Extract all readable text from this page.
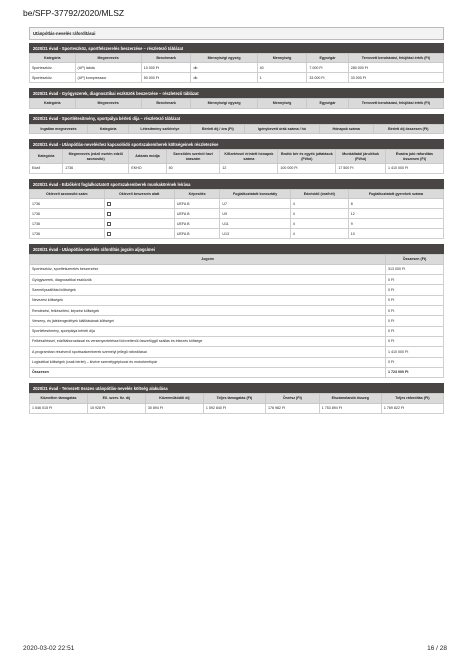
be/SFP-37792/2020/MLSZ
Utánpótlás-nevelés ráfordításai
2020/21 évad - Sporteszköz, sportfelszerelés beszerzése – részletező táblázat
Kategória	Megnevezés	Benchmark	Mennyiségi egység	Mennyiség	Egységár	Tervezett beruházási, felújítási érték (Ft)
Sporteszköz	(UP) labda	10 000 Ft	db	40	7 000 Ft	280 000 Ft
Sporteszköz	(UP) kompresszor	50 000 Ft	db	1	33 000 Ft	33 000 Ft
2020/21 évad - Gyógyszerek, diagnosztikai eszközök beszerzése – részletező táblázat
Kategória	Megnevezés	Benchmark	Mennyiségi egység	Mennyiség	Egységár	Tervezett beruházási, felújítási érték (Ft)
2020/21 évad - Sportlétesítmény, sportpálya bérleti díja – részletező táblázat
Ingatlan megnevezés	Kategória	Létesítmény székhelye	Bérleti díj / óra (Ft)	Igénybevett órák száma / hó	Hónapok száma	Bérleti díj összesen (Ft)
2020/21 évad - Utánpótlás-neveléshez kapcsolódó sportszakemberek költségeinek részletezése
Kategória	Megnevezés (edző esetén edzői azonosító)	Adózás módja	Szerződés szerinti havi óraszám	Kifizetéssel érintett hónapok száma	Bruttó bér és egyéb juttatások (Ft/hó)	Munkáltatói járulékok (Ft/hó)	Évadra jutó ráfordítás összesen (Ft)
Edző	1736	EKHO	50	12	100 000 Ft	17 500 Ft	1 410 000 Ft
2020/21 évad - Edzőként foglalkoztatott sportszakemberek munkakörének leírása
Okleveli azonosító szám	Okleveli beszerzés alatt	Képesítés	Foglalkoztatott korosztály	Edzésidő (óra/hét)	Foglalkoztatott gyerekek száma
1736		UEFA B	U7	4	8
1736		UEFA B	U9	4	12
1736		UEFA B	U11	4	9
1736		UEFA B	U13	4	10
2020/21 évad - Utánpótlás-nevelés ráfordítás jogcím aljogcímei
Jogcím	Összesen (Ft)
Sporteszköz, sportfelszerelés beszerzése	313 000 Ft
Gyógyszerek, diagnosztikai eszközök	0 Ft
Személyszállítási költségek	0 Ft
Nevezési költségek	0 Ft
Rendezési, felkészítési, képzési költségek	0 Ft
Verseny- és játékengedélyek kiállításának költségei	0 Ft
Sportlétesítmény, sportpálya bérleti díja	0 Ft
Felkészítéssel, edzőtáborozással és versenyeztetéssel kövvetlenül összefüggő szállás és étkezés költsége	0 Ft
A programban résztvevő sportszakemberek személyi jellegű ráfordításai	1 410 000 Ft
Logisztikai költségek (csak bérlet) – kivéve személygépkocsi és motorkerékpár	0 Ft
Összesen	1 723 000 Ft
2020/21 évad - Tervezett összes utánpótlás-nevelés költség alakulása
Közvetlen támogatás	Ell. szerv. fiz. díj	Közreműködői díj	Teljes támogatás (Ft)	Önrész (Ft)	Elszámolandó összeg	Teljes ráfordítás (Ft)
1 546 015 Ft	15 928 Ft	30 894 Ft	1 592 840 Ft	176 982 Ft	1 753 894 Ft	1 769 822 Ft
2020-03-02 22:51	16 / 28
